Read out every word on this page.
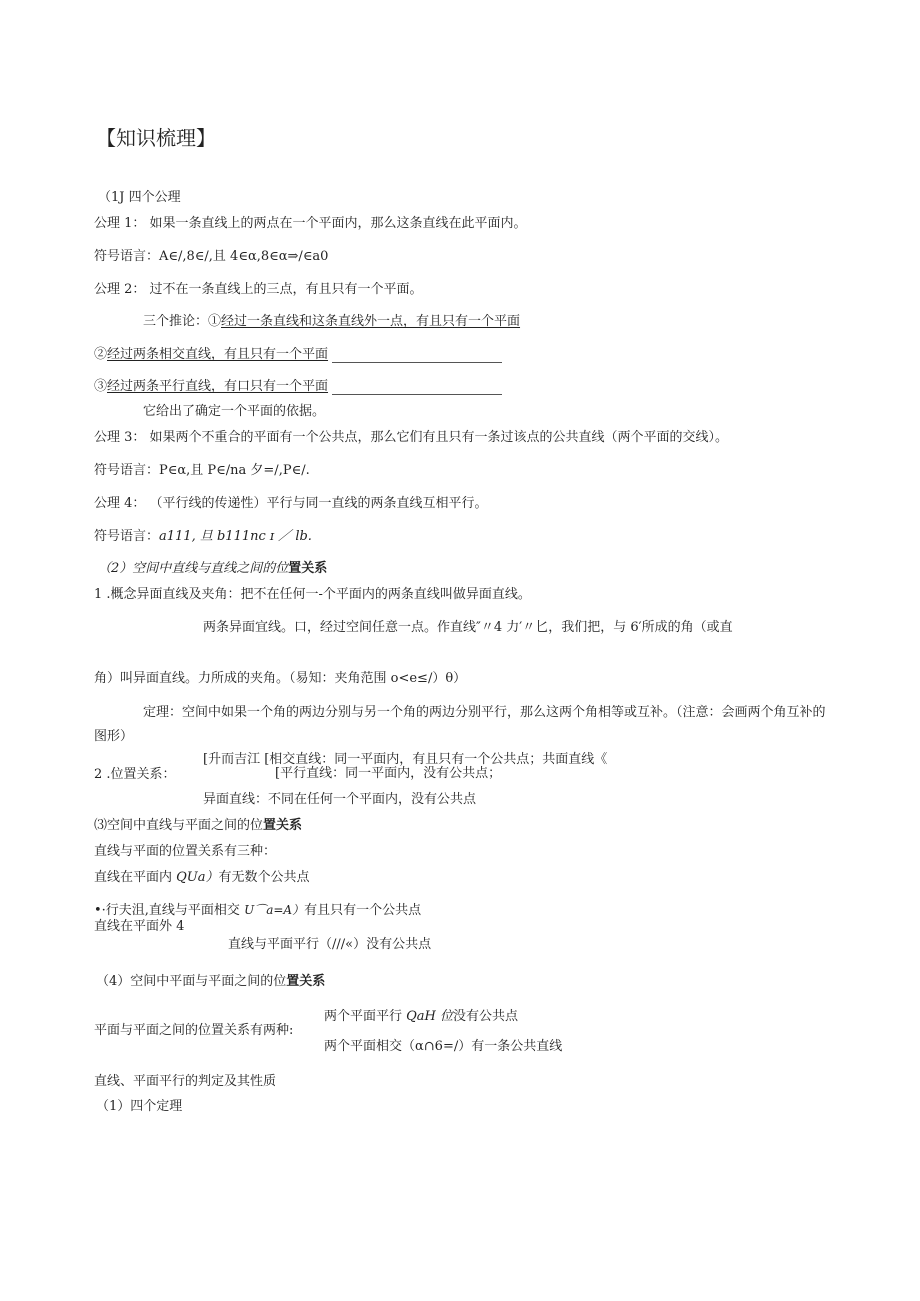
【知识梳理】
（1J 四个公理
公理 1： 如果一条直线上的两点在一个平面内，那么这条直线在此平面内。
符号语言：A∈∕,8∈∕,且 4∈α,8∈α⇒∕∈a0
公理 2： 过不在一条直线上的三点，有且只有一个平面。
三个推论：①经过一条直线和这条直线外一点，有且只有一个平面
②经过两条相交直线，有且只有一个平面
③经过两条平行直线，有口只有一个平面
它给出了确定一个平面的依据。
公理 3： 如果两个不重合的平面有一个公共点，那么它们有且只有一条过该点的公共直线（两个平面的交线）。
符号语言：P∈α,且 P∈∕na 夕=∕,P∈∕.
公理 4： （平行线的传递性）平行与同一直线的两条直线互相平行。
符号语言：a111, 旦 b111nc ɪ ／ lb.
（2）空间中直线与直线之间的位置关系
1 .概念异面直线及夹角：把不在任何一-个平面内的两条直线叫做异面直线。
两条异面宜线。口，经过空间任意一点。作直线″〃4 力′〃匕，我们把，与 6′所成的角（或直
角）叫异面直线。力所成的夹角。（易知：夹角范围 o<e≤∕）θ）
定理：空间中如果一个角的两边分别与另一个角的两边分别平行，那么这两个角相等或互补。（注意：会画两个角互补的
图形）
[升而吉江 [相交直线：同一平面内，有且只有一个公共点；共面直线《
2 .位置关系：	[平行直线：同一平面内，没有公共点；
异面直线：不同在任何一个平面内，没有公共点
⑶空间中直线与平面之间的位置关系
直线与平面的位置关系有三种：
直线在平面内 QUa）有无数个公共点
•·行夫沮,直线与平面相交 U⌒a=A）有且只有一个公共点
直线在平面外 4
直线与平面平行（///«）没有公共点
（4）空间中平面与平面之间的位置关系
平面与平面之间的位置关系有两种:
两个平面平行 QaH 位没有公共点
两个平面相交（α∩6=∕）有一条公共直线
直线、平面平行的判定及其性质
（1）四个定理
